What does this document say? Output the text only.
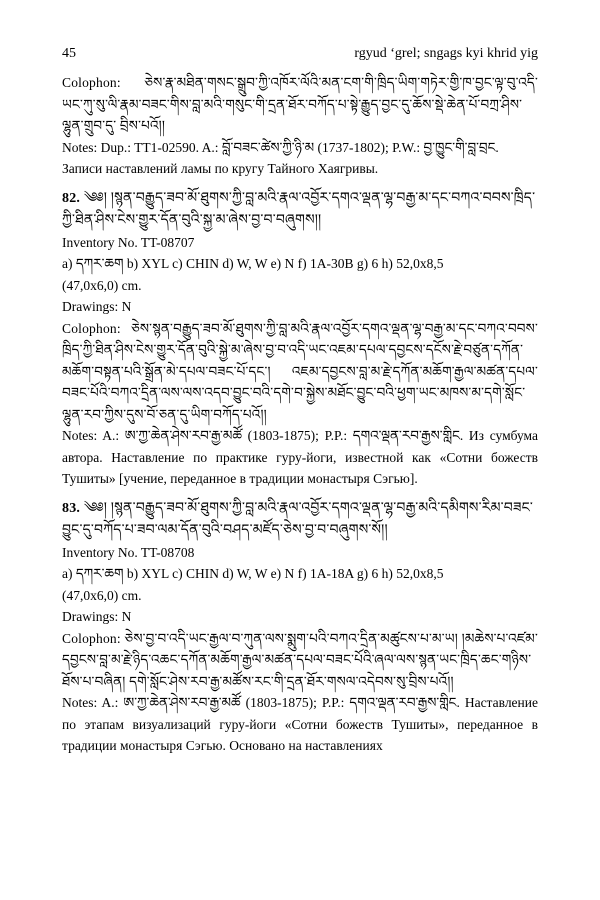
45	rgyud ‘grel; sngags kyi khrid yig

Colophon: ཅེས་རྣ་མཐིན་གསང་སྒྲུབ་ཀྱི་འཁོར་ལོའི་མན་ངག་གི་ཁྲིད་ཡིག་གཏེར་གྱི་ཁ་བྱང་ལྟ་བུ་འདི་ཡང་ཀུ་སུ་ལི་རྣམ་བཟང་གིས་བླ་མའི་གསུང་གི་དྲན་ཐོར་བཀོད་པ་སྟེ་རྒྱུད་བྱང་དུ་ཆོས་སྡེ་ཆེན་པོ་བཀྲ་ཤིས་ལྷུན་གྲུབ་དུ་ བྲིས་པའོ།།

Notes: Dup.: TT1-02590. A.: བློ་བཟང་ཚེས་ཀྱི་ཉི་མ (1737-1802); P.W.: བྱ་ཁྱུང་གི་བླ་བྲང.

Записи наставлений ламы по кругу Тайного Хаягривы.

82. ༄༅། །སྙན་བརྒྱུད་ཟབ་མོ་ཐུགས་ཀྱི་བླ་མའི་རྣལ་འབྱོར་དགའ་ལྡན་ལྷ་བརྒྱ་མ་དང་བཀའ་བབས་ཁྲིད་ཀྱི་ཐིན་ཤིས་ངེས་གྱུར་དོན་བུའི་སྐྱ་མ་ཞེས་བྱ་བ་བཞུགས།།

Inventory No. TT-08707

a) དཀར་ཆག b) XYL c) CHIN d) W, W e) N f) 1A-30B g) 6 h) 52,0x8,5

(47,0x6,0) cm.

Drawings: N

Colophon: ཅེས་སྙན་བརྒྱུད་ཟབ་མོ་ཐུགས་ཀྱི་བླ་མའི་རྣལ་འབྱོར་དགའ་ལྡན་ལྷ་བརྒྱ་མ་དང་བཀའ་བབས་ཁྲིད་ཀྱི་ཐིན་ཤིས་ངེས་གྱུར་དོན་བུའི་སྐྱེ་མ་ཞེས་བྱ་བ་འདི་ཡང་འཇམ་དཔལ་དབྱངས་དངོས་རྗེ་བཙུན་དཀོན་མཆོག་བསྟན་པའི་སྒྲོན་མེ་དཔལ་བཟང་པོ་དང་། འཇམ་དབྱངས་བླ་མ་རྗེ་དཀོན་མཆོག་རྒྱལ་མཚན་དཔལ་བཟང་པོའི་བཀའ་དྲིན་ལས་ལས་འདབ་བྱུང་བའི་དགེ་བ་སྐྱེས་མཐོང་བྱུང་བའི་ཕྱག་ཡང་མཁས་མ་དགེ་སློང་ལྷུན་རབ་ཀྱིས་དུས་བོ་ཅན་དུ་ཡིག་བཀོད་པའོ།།

Notes: A.: ཨ་ཀྱ་ཆེན་ཤེས་རབ་རྒྱ་མཚོ (1803-1875); P.P.: དགའ་ལྡན་རབ་རྒྱས་གླིང. Из сумбума автора. Наставление по практике гуру-йоги, известной как «Сотни божеств Тушиты» [учение, переданное в традиции монастыря Сэгью].

83. ༄༅། །སྙན་བརྒྱུད་ཟབ་མོ་ཐུགས་ཀྱི་བླ་མའི་རྣལ་འབྱོར་དགའ་ལྡན་ལྷ་བརྒྱ་མའི་དམིགས་རིམ་བཟང་བྱུང་དུ་བཀོད་པ་ཟབ་ལམ་དོན་བུའི་བཤད་མཛོད་ཅེས་བྱ་བ་བཞུགས་སོ།།

Inventory No. TT-08708

a) དཀར་ཆག b) XYL c) CHIN d) W, W e) N f) 1A-18A g) 6 h) 52,0x8,5

(47,0x6,0) cm.

Drawings: N

Colophon: ཅེས་བྱ་བ་འདི་ཡང་རྒྱལ་བ་ཀུན་ལས་སྨུག་པའི་བཀའ་དྲིན་མཚུངས་པ་མ་ཡ། །མཆེས་པ་འཛམ་དབྱངས་བླ་མ་རྗེ་ཉིད་འཆང་དཀོན་མཆོག་རྒྱལ་མཚན་དཔལ་བཟང་པོའི་ཞལ་ལས་སྙན་ཡང་ཁྲིད་ཆང་གཉིས་ཐོས་པ་བཞིན། དགེ་སློང་ཤེས་རབ་རྒྱ་མཚོས་རང་གི་དྲན་ཐོར་གསལ་འདེབས་སུ་བྲིས་པའོ།།

Notes: A.: ཨ་ཀྱ་ཆེན་ཤེས་རབ་རྒྱ་མཚོ (1803-1875); P.P.: དགའ་ལྡན་རབ་རྒྱས་གླིང. Наставление по этапам визуализаций гуру-йоги «Сотни божеств Тушиты», переданное в традиции монастыря Сэгью. Основано на наставлениях
